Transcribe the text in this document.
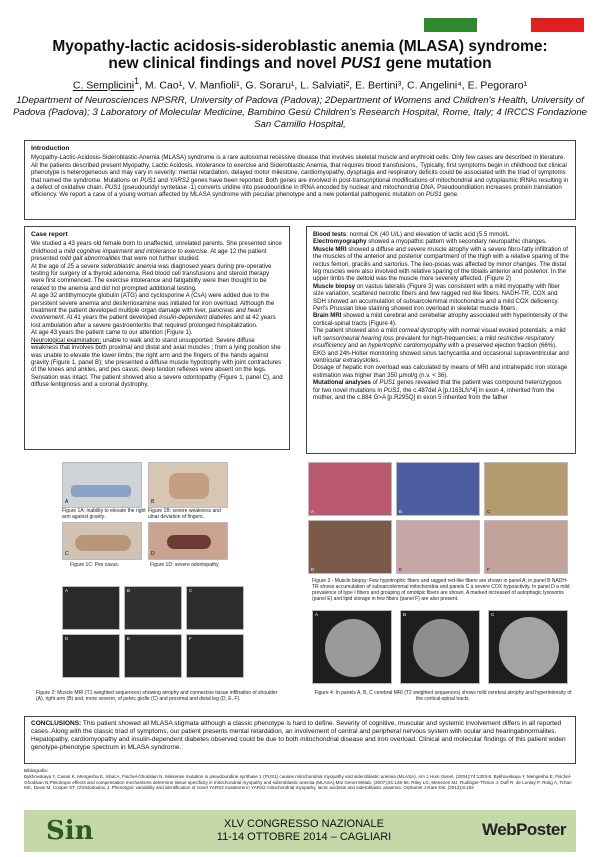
Myopathy-lactic acidosis-sideroblastic anemia (MLASA) syndrome:
new clinical findings and novel PUS1 gene mutation
C. Semplicini$^1$, M. Cao¹, V. Manfioli¹, G. Soraru¹, L. Salviati², E. Bertini³, C. Angelini⁴, E. Pegoraro¹
1Department of Neurosciences NPSRR, University of Padova (Padova); 2Department of Womens and Children's Health, University of Padova (Padova); 3 Laboratory of Molecular Medicine, Bambino Gesù Children's Research Hospital, Rome, Italy; 4 IRCCS Fondazione San Camillo Hospital,
Introduction

Myopathy-Lactic-Acidosis-Sideroblastic-Anemia (MLASA) syndrome is a rare autosomal recessive disease that involves skeletal muscle and erythroid cells. Only few cases are described in literature. All the patients described present Myopathy, Lactic Acidosis, intolerance to exercise and Sideroblastic Anemia, that requires blood transfusions,. Typically, first symptoms begin in childhood but clinical phenotype is heterogeneous and may vary in severity: mental retardation, delayed motor milestone, cardiomyopathy, dysphagia and respiratory deficits could be associated with the triad of symptoms that named the syndrome. Mutations on PUS1 and YARS2 genes have been reported. Both genes are involved in post-transcriptional modifications of mitochondrial and cytoplasmic tRNAs resulting in a defect of oxidative chain. PUS1 (pseudouridyl syntetase -1) converts uridine into pseudouridine in tRNA encoded by nuclear and mitochondrial DNA. Pseudouridilation increases protein translation efficiency. We report a case of a young woman affected by MLASA syndrome with peculiar phenotype and a new potential pathogenic mutation on PUS1 gene.

Case report

We studied a 43 years old female born to unaffected, unrelated parents. She presented since childhood a mild cognitive impairment and intolerance to exercise. At age 12 the patient presented mild gait abnormalities that were not further studied.

At the age of 25 a severe sideroblastic anemia was diagnosed years during pre-operative testing for surgery of a thyroid adenoma. Red blood cell transfusions and steroid therapy were first commenced. The exercise intolerance and fatigability were then thought to be related to the anemia and did not prompted additional testing.

At age 32 antithymocyte globulin (ATG) and cyclosporine A (CsA) were added due to the persistent severe anemia and desferrioxamine was initiated for iron overload. Although the treatment the patient developed multiple organ damage with liver, pancreas and heart involvement. At 41 years the patient developed insulin-dependent diabetes and at 42 years lost ambulation after a severe gastroenteritis that required prolonged hospitalization.

At age 43 years the patient came to our attention (Figure 1).

Neurological examination: unable to walk and to stand unsupported. Severe diffuse weakness that involves both proximal and distal and axial muscles ; from a lying position she was unable to elevate the lower limbs; the right arm and the fingers of the hands against gravity (Figure 1, panel B); she presented a diffuse muscle hypotrophy with joint contractures of the knees and ankles, and pes cavus; deep tendon reflexes were absent on the legs. Sensation was intact. The patient showed also a severe odontopathy (Figure 1, panel C), and diffuse lentiginosis and a coronal dystrophy.

Blood tests: normal CK (40 U/L) and elevation of lactic acid (5.5 mmol/L

Electromyography showed a myopathic pattern with secondary neuropathic changes. Muscle MRI showed a diffuse and severe muscle atrophy with a severe fibro-fatty infiltration of the muscles of the anterior and posterior compartment of the thigh with a relative sparing of the rectus femori, gracilis and sartorius. The ileo-psoas was affected by minor changes. The distal leg muscles were also involved with relative sparing of the tibialis anterior and posterior. In the upper limbs the deltoid was the muscle more severely affected. (Figure 2)

Muscle biopsy on vastus lateralis (Figure 3) was consistent with a mild myopathy with fiber size variation, scattered necrotic fibers and few ragged red like fibers. NADH-TR, COX and SDH showed an accumulation of subsarcolemmal mitochondria and a mild COX deficiency. Perl's Prussian blue staining showed iron overload in skeletal muscle fibers.

Brain MRI showed a mild cerebral and cerebellar atrophy associated with hyperintensity of the cortical-spinal tracts (Figure 4).

The patient showed also a mild corneal dystrophy with normal visual evoked potentials; a mild left sensorineural hearing loss prevalent for high-frequencies; a mild restrictive respiratory insufficiency and an hypertrophic cardiomyopathy with a preserved ejection fraction (66%). EKG and 24h-Holter monitoring showed sinus tachycardia and occasional supraventricular and ventricular extrasystoles.

Dosage of hepatic iron overload was calculated by means of MRI and intrahepatic iron storage estimation was higher than 350 μmol/g (n.v. < 36).

Mutational analyses of PUS1 genes revealed that the patient was compound heterozygous for two novel mutations in PUS1, the c.487del A [p.I163Lfs*4] in exon 4, inherited from the mother, and the c.884 G>A [p.R295Q] in exon 5 inherited from the father

A
Figure 1A: inability to elevate the right arm against gravity.
B
Figure 1B: severe weakness and ulnar deviation of fingers.
C
Figure 1C: Pes cavus.
D
Figure 1D: severe odontopathy
A	B	C
D	E	F
Figure 3 - Muscle biopsy: Few hypotrophic fibers and ragged red-like fibers are shown in panel A; in panel B NADH-TR shows accumulation of subsarcolemmal mitochondria and panels C a severe COX hypoactivity. In panel D a mild prevalence of type I fibers and grouping of omotipic fibers are shown. A marked increased of autophagic lysosoms (panel E) and lipid storage in few fibers (panel F) are also present.
A	B	C
D	E	F
Figure 2: Muscle MRI (T1 weighted sequences) showing atrophy and connective tissue infiltration of shoulder (A), right arm (B) and, more severer, of pelvic girdle (C) and proximal and distal leg (D, E, F).
A	B	C
Figure 4: In panels A, B, C cerebral MRI (T2 weighted sequences) shows mild cerebral atrophy and hyperintensity of the cortical-spinal tracts.
CONCLUSIONS: This patient showed all MLASA stigmata although a classic phenotype is hard to define. Severity of cognitive, muscular and systemic involvement differs in all reported cases. Along with the classic triad of symptoms, our patient presents mental retardation, an involvement of central and peripheral nervous system with ocular and hearingabnormalites. Hepatopathy, cardiomyopathy and insulin-dependent diabetes observed could be due to both mitochondrial disease and iron overload. Clinical and molecular findings of this patient widen genotype-phenotype spectrum in MLASA syndrome.
Bibliografia:
Bykhovskaya Y, Casas K, Mengesha E, Inbal A, Fischel-Ghodsian N. Missense mutation in pseudouridine synthase 1 (PUS1) causes mitochondrial myopathy and sideroblastic anemia (MLASA). Am J Hum Genet. (2004);74:1303-8. Bykhovskaya Y, Mengesha E, Fischel-Ghodsian N.Pleiotropic effects and compensation mechanisms determine tissue specificity in mitochondrial myopathy and sideroblastic anemia (MLASA).Mol Genet Metab. (2007);91:148-56. Riley LG, Menezes MJ, Rudinger-Thirion J, Duff R, de Lonlay P, Rotig A, Tchan MC, Davis M, Cooper ST, Christodoulou J. Phenotypic variability and identification of novel YARS2 mutations in YARS2 mitochondrial myopathy, lactic acidosis and sideroblastic anaemia. Orphanet J Rare Dis. (2013);8:193
Sin	XLV CONGRESSO NAZIONALE
11-14 OTTOBRE 2014 – CAGLIARI	WebPoster
